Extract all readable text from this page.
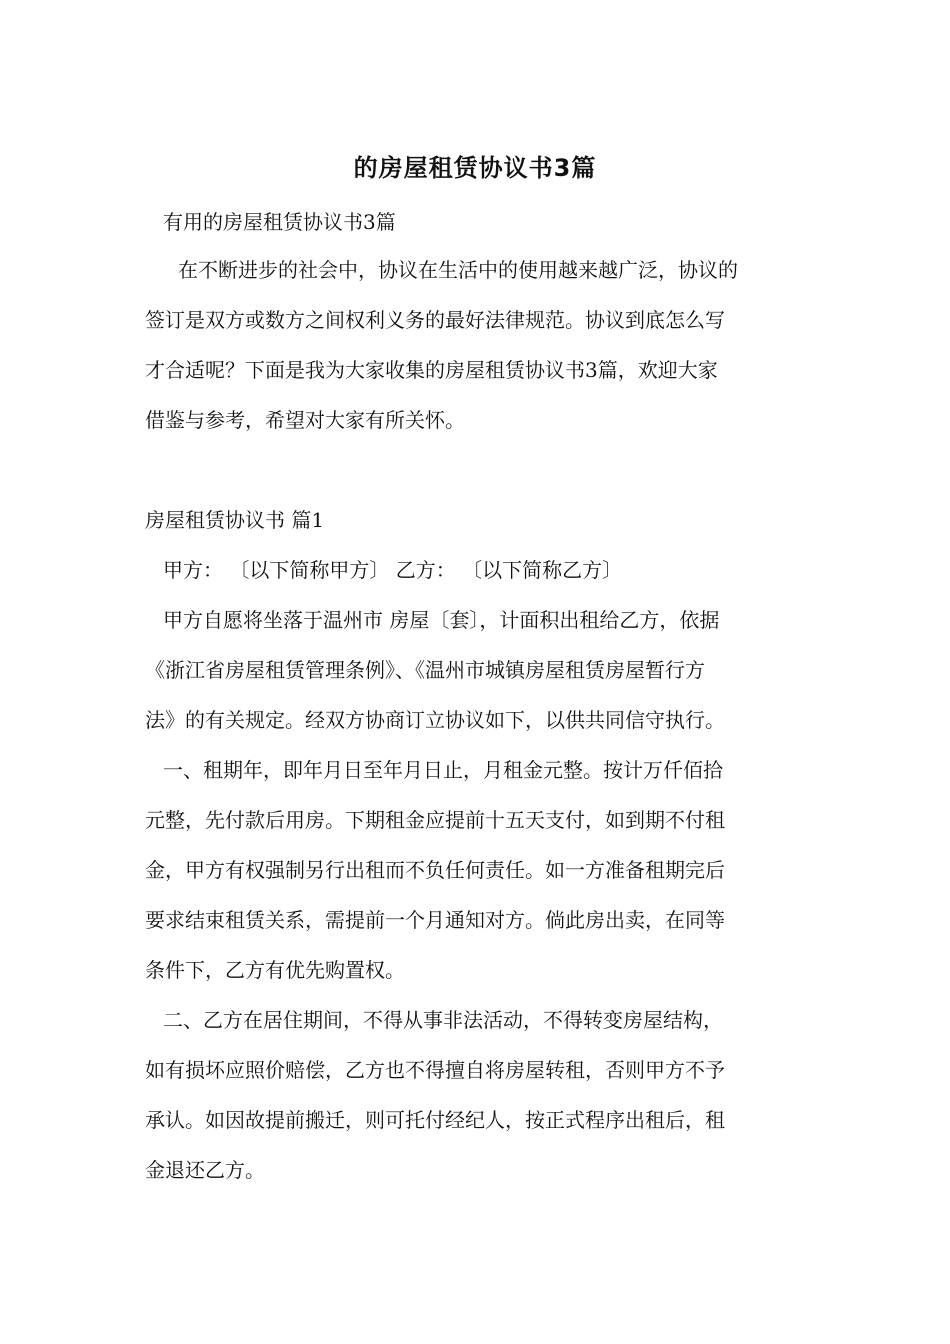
的房屋租赁协议书3篇
有用的房屋租赁协议书3篇
在不断进步的社会中，协议在生活中的使用越来越广泛，协议的
签订是双方或数方之间权利义务的最好法律规范。协议到底怎么写
才合适呢？下面是我为大家收集的房屋租赁协议书3篇，欢迎大家
借鉴与参考，希望对大家有所关怀。
房屋租赁协议书 篇1
甲方： 〔以下简称甲方〕 乙方： 〔以下简称乙方〕
甲方自愿将坐落于温州市 房屋〔套〕，计面积出租给乙方，依据
《浙江省房屋租赁管理条例》、《温州市城镇房屋租赁房屋暂行方
法》的有关规定。经双方协商订立协议如下，以供共同信守执行。
一、租期年，即年月日至年月日止，月租金元整。按计万仟佰拾
元整，先付款后用房。下期租金应提前十五天支付，如到期不付租
金，甲方有权强制另行出租而不负任何责任。如一方准备租期完后
要求结束租赁关系，需提前一个月通知对方。倘此房出卖，在同等
条件下，乙方有优先购置权。
二、乙方在居住期间，不得从事非法活动，不得转变房屋结构，
如有损坏应照价赔偿，乙方也不得擅自将房屋转租，否则甲方不予
承认。如因故提前搬迁，则可托付经纪人，按正式程序出租后，租
金退还乙方。
